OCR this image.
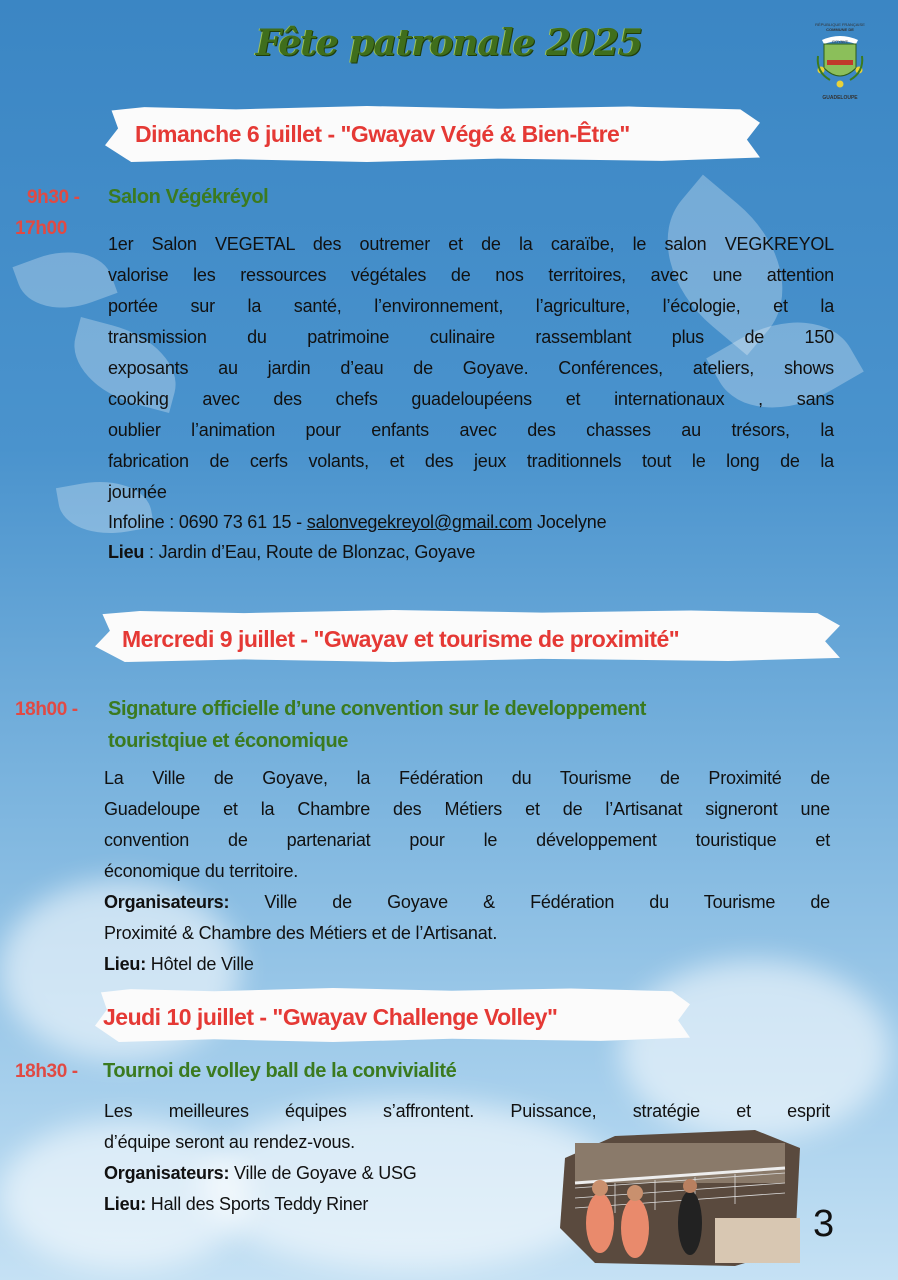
Fête patronale 2025	RÉPUBLIQUE FRANÇAISE
COMMUNE DE
GOYAVE
GUADELOUPE
Dimanche 6 juillet - "Gwayav Végé & Bien-Être"
9h30 -
17h00
Salon Végékréyol
1er Salon VEGETAL des outremer et de la caraïbe, le salon VEGKREYOL
valorise les ressources végétales de nos territoires, avec une attention
portée sur la santé, l’environnement, l’agriculture, l’écologie, et la
transmission du patrimoine culinaire rassemblant plus de 150
exposants au jardin d’eau de Goyave. Conférences, ateliers, shows
cooking avec des chefs guadeloupéens et internationaux , sans
oublier l’animation pour enfants avec des chasses au trésors, la
fabrication de cerfs volants, et des jeux traditionnels tout le long de la
journée
Infoline : 0690 73 61 15 - salonvegekreyol@gmail.com Jocelyne
Lieu : Jardin d’Eau, Route de Blonzac, Goyave
Mercredi 9 juillet - "Gwayav et tourisme de proximité"
18h00 - Signature officielle d’une convention sur le developpement
touristqiue et économique
La Ville de Goyave, la Fédération du Tourisme de Proximité de
Guadeloupe et la Chambre des Métiers et de l’Artisanat signeront une
convention de partenariat pour le développement touristique et
économique du territoire.
Organisateurs: Ville de Goyave & Fédération du Tourisme de
Proximité & Chambre des Métiers et de l’Artisanat.
Lieu: Hôtel de Ville
Jeudi 10 juillet - "Gwayav Challenge Volley"
18h30 - Tournoi de volley ball de la convivialité
Les meilleures équipes s’affrontent. Puissance, stratégie et esprit
d’équipe seront au rendez-vous.
Organisateurs: Ville de Goyave & USG
Lieu: Hall des Sports Teddy Riner	3
